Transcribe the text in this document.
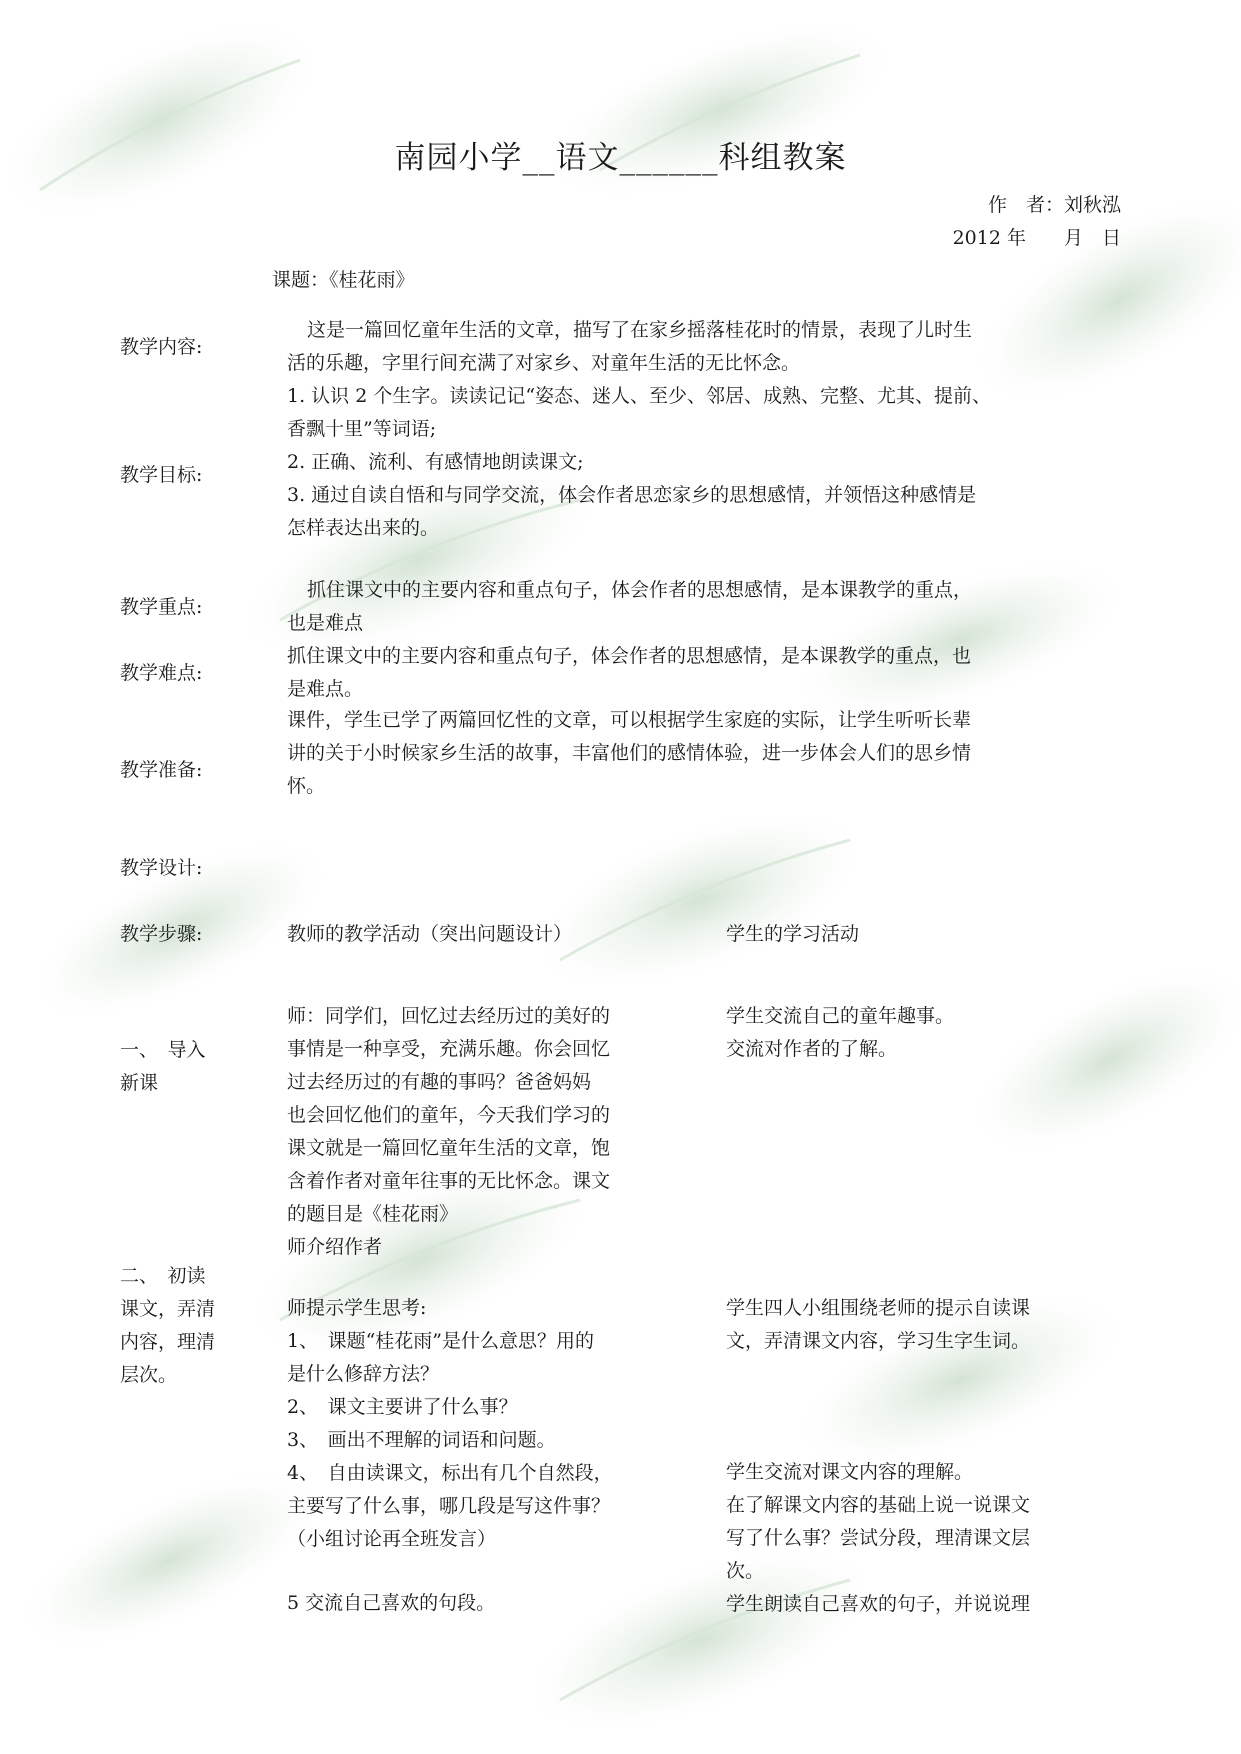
南园小学__语文______科组教案
作　者：刘秋泓
2012 年　　月　日
课题：《桂花雨》
教学内容:
这是一篇回忆童年生活的文章，描写了在家乡摇落桂花时的情景，表现了儿时生
活的乐趣，字里行间充满了对家乡、对童年生活的无比怀念。
教学目标:
1. 认识 2 个生字。读读记记“姿态、迷人、至少、邻居、成熟、完整、尤其、提前、
香飘十里”等词语;
2. 正确、流利、有感情地朗读课文;
3. 通过自读自悟和与同学交流，体会作者思恋家乡的思想感情，并领悟这种感情是
怎样表达出来的。
教学重点:
抓住课文中的主要内容和重点句子，体会作者的思想感情，是本课教学的重点，
也是难点
教学难点:
抓住课文中的主要内容和重点句子，体会作者的思想感情，是本课教学的重点，也
是难点。
教学准备:
课件，学生已学了两篇回忆性的文章，可以根据学生家庭的实际，让学生听听长辈
讲的关于小时候家乡生活的故事，丰富他们的感情体验，进一步体会人们的思乡情
怀。
教学设计:
教学步骤:	教师的教学活动（突出问题设计）	学生的学习活动
一、　导入
新课
师：同学们，回忆过去经历过的美好的
事情是一种享受，充满乐趣。你会回忆
过去经历过的有趣的事吗？爸爸妈妈
也会回忆他们的童年，今天我们学习的
课文就是一篇回忆童年生活的文章，饱
含着作者对童年往事的无比怀念。课文
的题目是《桂花雨》
师介绍作者
学生交流自己的童年趣事。
交流对作者的了解。
二、　初读
课文，弄清
内容，理清
层次。
师提示学生思考:
1、　课题“桂花雨”是什么意思？用的
是什么修辞方法？
2、　课文主要讲了什么事？
3、　画出不理解的词语和问题。
4、　自由读课文，标出有几个自然段，
主要写了什么事，哪几段是写这件事？
（小组讨论再全班发言）
5 交流自己喜欢的句段。
学生四人小组围绕老师的提示自读课
文，弄清课文内容，学习生字生词。
学生交流对课文内容的理解。
在了解课文内容的基础上说一说课文
写了什么事？尝试分段，理清课文层
次。
学生朗读自己喜欢的句子，并说说理
